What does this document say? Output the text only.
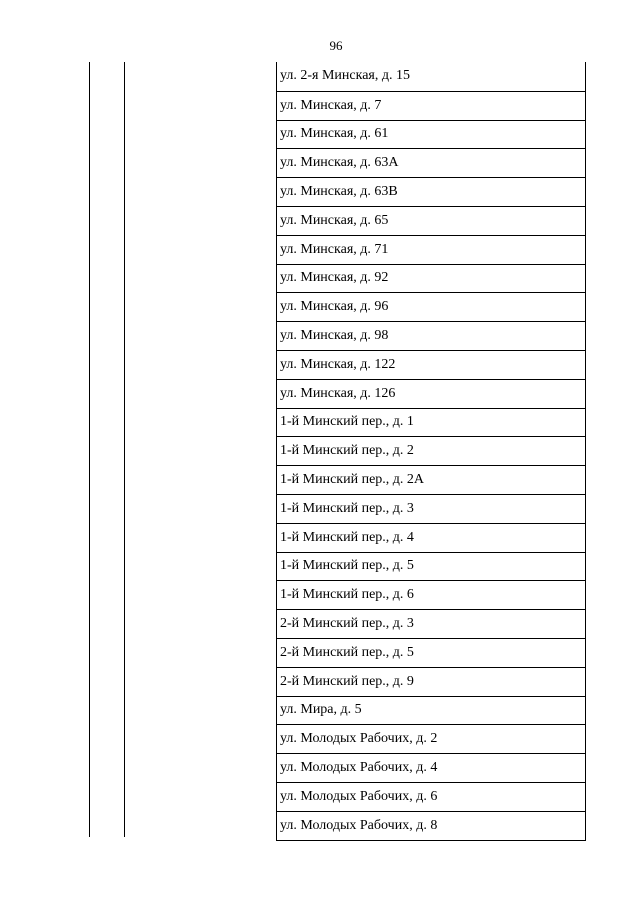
96
ул. 2-я Минская, д. 15
ул. Минская, д. 7
ул. Минская, д. 61
ул. Минская, д. 63А
ул. Минская, д. 63В
ул. Минская, д. 65
ул. Минская, д. 71
ул. Минская, д. 92
ул. Минская, д. 96
ул. Минская, д. 98
ул. Минская, д. 122
ул. Минская, д. 126
1-й Минский пер., д. 1
1-й Минский пер., д. 2
1-й Минский пер., д. 2А
1-й Минский пер., д. 3
1-й Минский пер., д. 4
1-й Минский пер., д. 5
1-й Минский пер., д. 6
2-й Минский пер., д. 3
2-й Минский пер., д. 5
2-й Минский пер., д. 9
ул. Мира, д. 5
ул. Молодых Рабочих, д. 2
ул. Молодых Рабочих, д. 4
ул. Молодых Рабочих, д. 6
ул. Молодых Рабочих, д. 8
